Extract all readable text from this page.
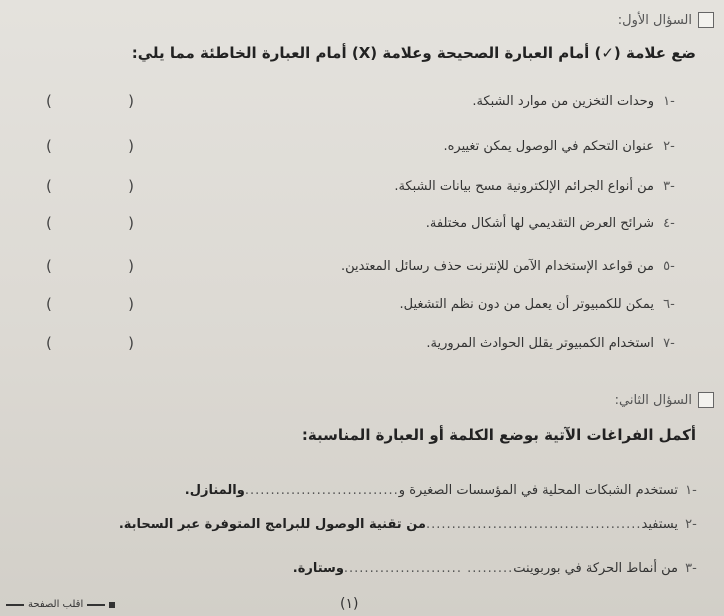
السؤال الأول:
ضع علامة (✓) أمام العبارة الصحيحة وعلامة (X) أمام العبارة الخاطئة مما يلي:
-١
وحدات التخزين من موارد الشبكة.
(	)
-٢
عنوان التحكم في الوصول يمكن تغييره.
(	)
-٣
من أنواع الجرائم الإلكترونية مسح بيانات الشبكة.
(	)
-٤
شرائح العرض التقديمي لها أشكال مختلفة.
(	)
-٥
من قواعد الإستخدام الآمن للإنترنت حذف رسائل المعتدين.
(	)
-٦
يمكن للكمبيوتر أن يعمل من دون نظم التشغيل.
(	)
-٧
استخدام الكمبيوتر يقلل الحوادث المرورية.
(	)
السؤال الثاني:
أكمل الفراغات الآتية بوضع الكلمة أو العبارة المناسبة:
-١
تستخدم الشبكات المحلية في المؤسسات الصغيرة و
..............................
والمنازل.
-٢
يستفيد
..........................................
من تقنية الوصول للبرامج المتوفرة عبر السحابة.
-٣
من أنماط الحركة في بوربوينت
......... .......................
وستارة.
(١)
اقلب الصفحة
